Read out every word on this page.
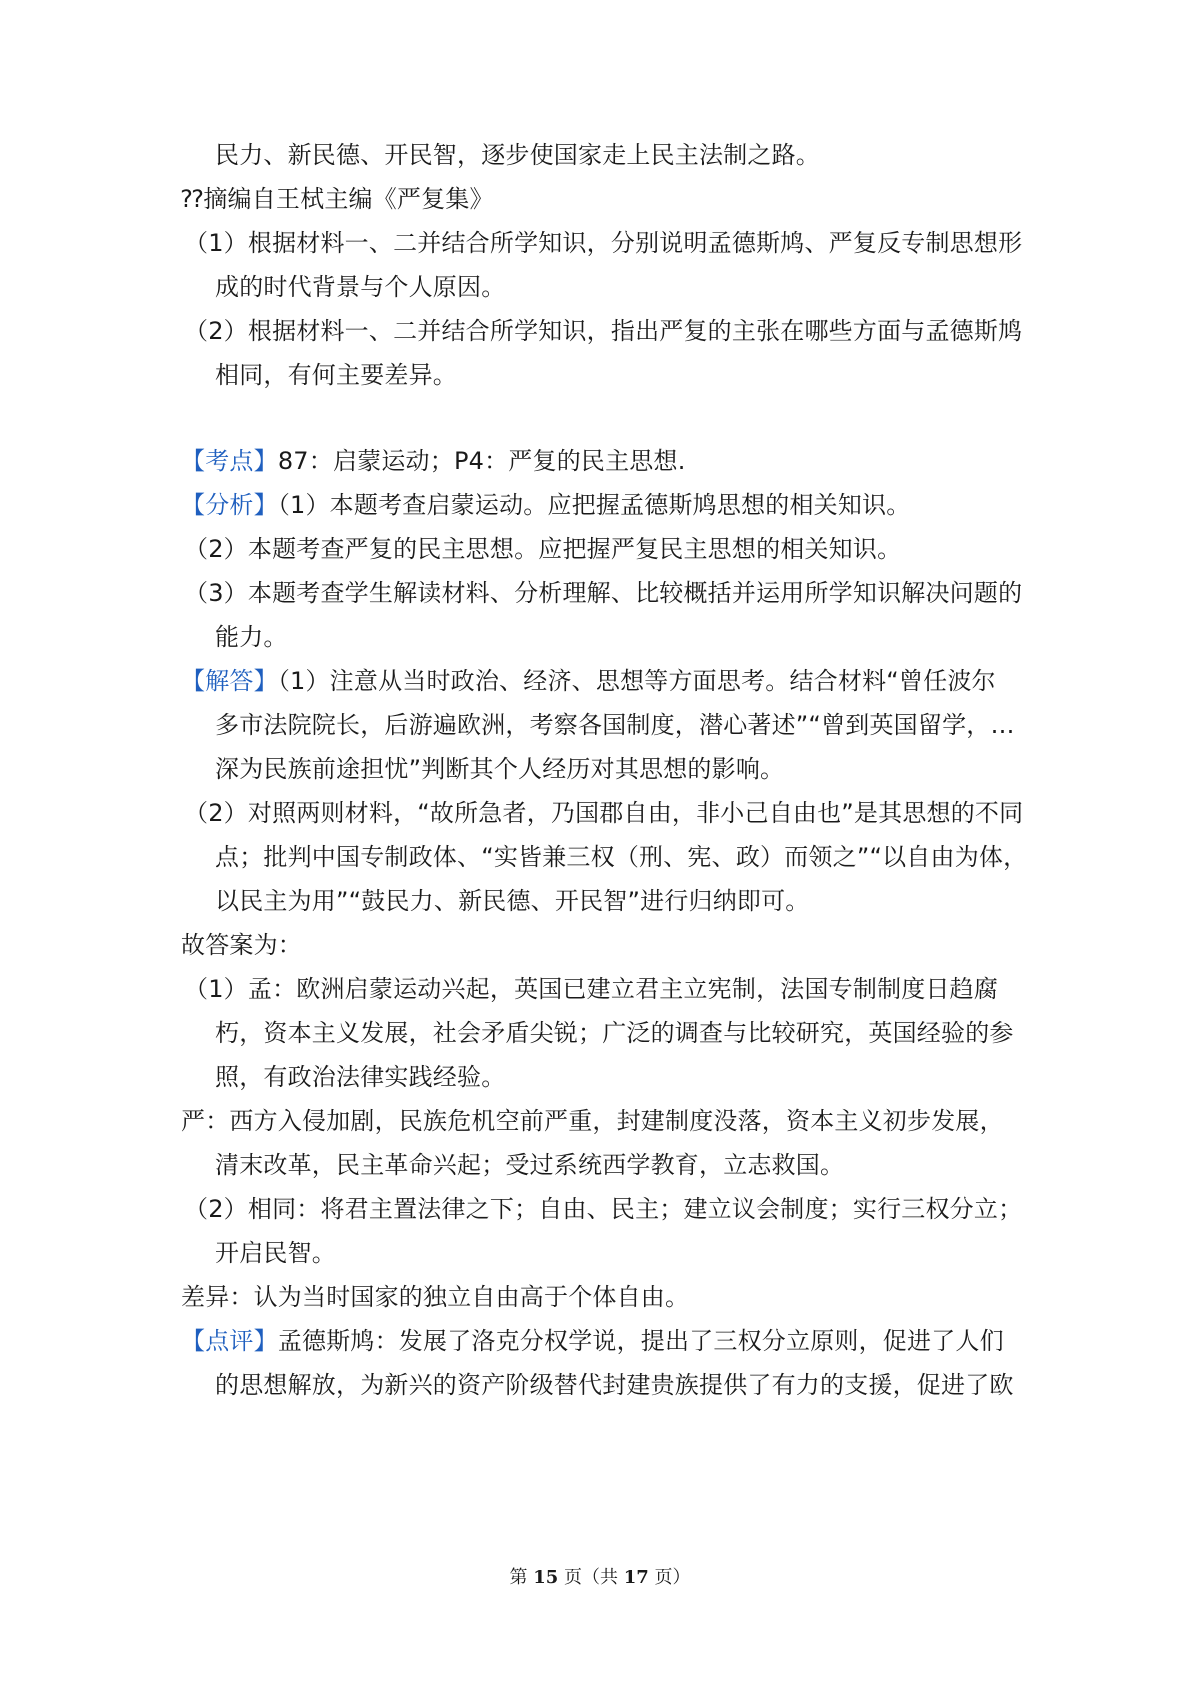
民力、新民德、开民智，逐步使国家走上民主法制之路。
⁇摘编自王栻主编《严复集》
（1）根据材料一、二并结合所学知识，分别说明孟德斯鸠、严复反专制思想形
成的时代背景与个人原因。
（2）根据材料一、二并结合所学知识，指出严复的主张在哪些方面与孟德斯鸠
相同，有何主要差异。
【考点】87：启蒙运动；P4：严复的民主思想.
【分析】（1）本题考查启蒙运动。应把握孟德斯鸠思想的相关知识。
（2）本题考查严复的民主思想。应把握严复民主思想的相关知识。
（3）本题考查学生解读材料、分析理解、比较概括并运用所学知识解决问题的
能力。
【解答】（1）注意从当时政治、经济、思想等方面思考。结合材料“曾任波尔
多市法院院长，后游遍欧洲，考察各国制度，潜心著述”“曾到英国留学，…
深为民族前途担忧”判断其个人经历对其思想的影响。
（2）对照两则材料，“故所急者，乃国郡自由，非小己自由也”是其思想的不同
点；批判中国专制政体、“实皆兼三权（刑、宪、政）而领之”“以自由为体，
以民主为用”“鼓民力、新民德、开民智”进行归纳即可。
故答案为：
（1）孟：欧洲启蒙运动兴起，英国已建立君主立宪制，法国专制制度日趋腐
朽，资本主义发展，社会矛盾尖锐；广泛的调查与比较研究，英国经验的参
照，有政治法律实践经验。
严：西方入侵加剧，民族危机空前严重，封建制度没落，资本主义初步发展，
清末改革，民主革命兴起；受过系统西学教育，立志救国。
（2）相同：将君主置法律之下；自由、民主；建立议会制度；实行三权分立；
开启民智。
差异：认为当时国家的独立自由高于个体自由。
【点评】孟德斯鸠：发展了洛克分权学说，提出了三权分立原则，促进了人们
的思想解放，为新兴的资产阶级替代封建贵族提供了有力的支援，促进了欧
第 15 页（共 17 页）
